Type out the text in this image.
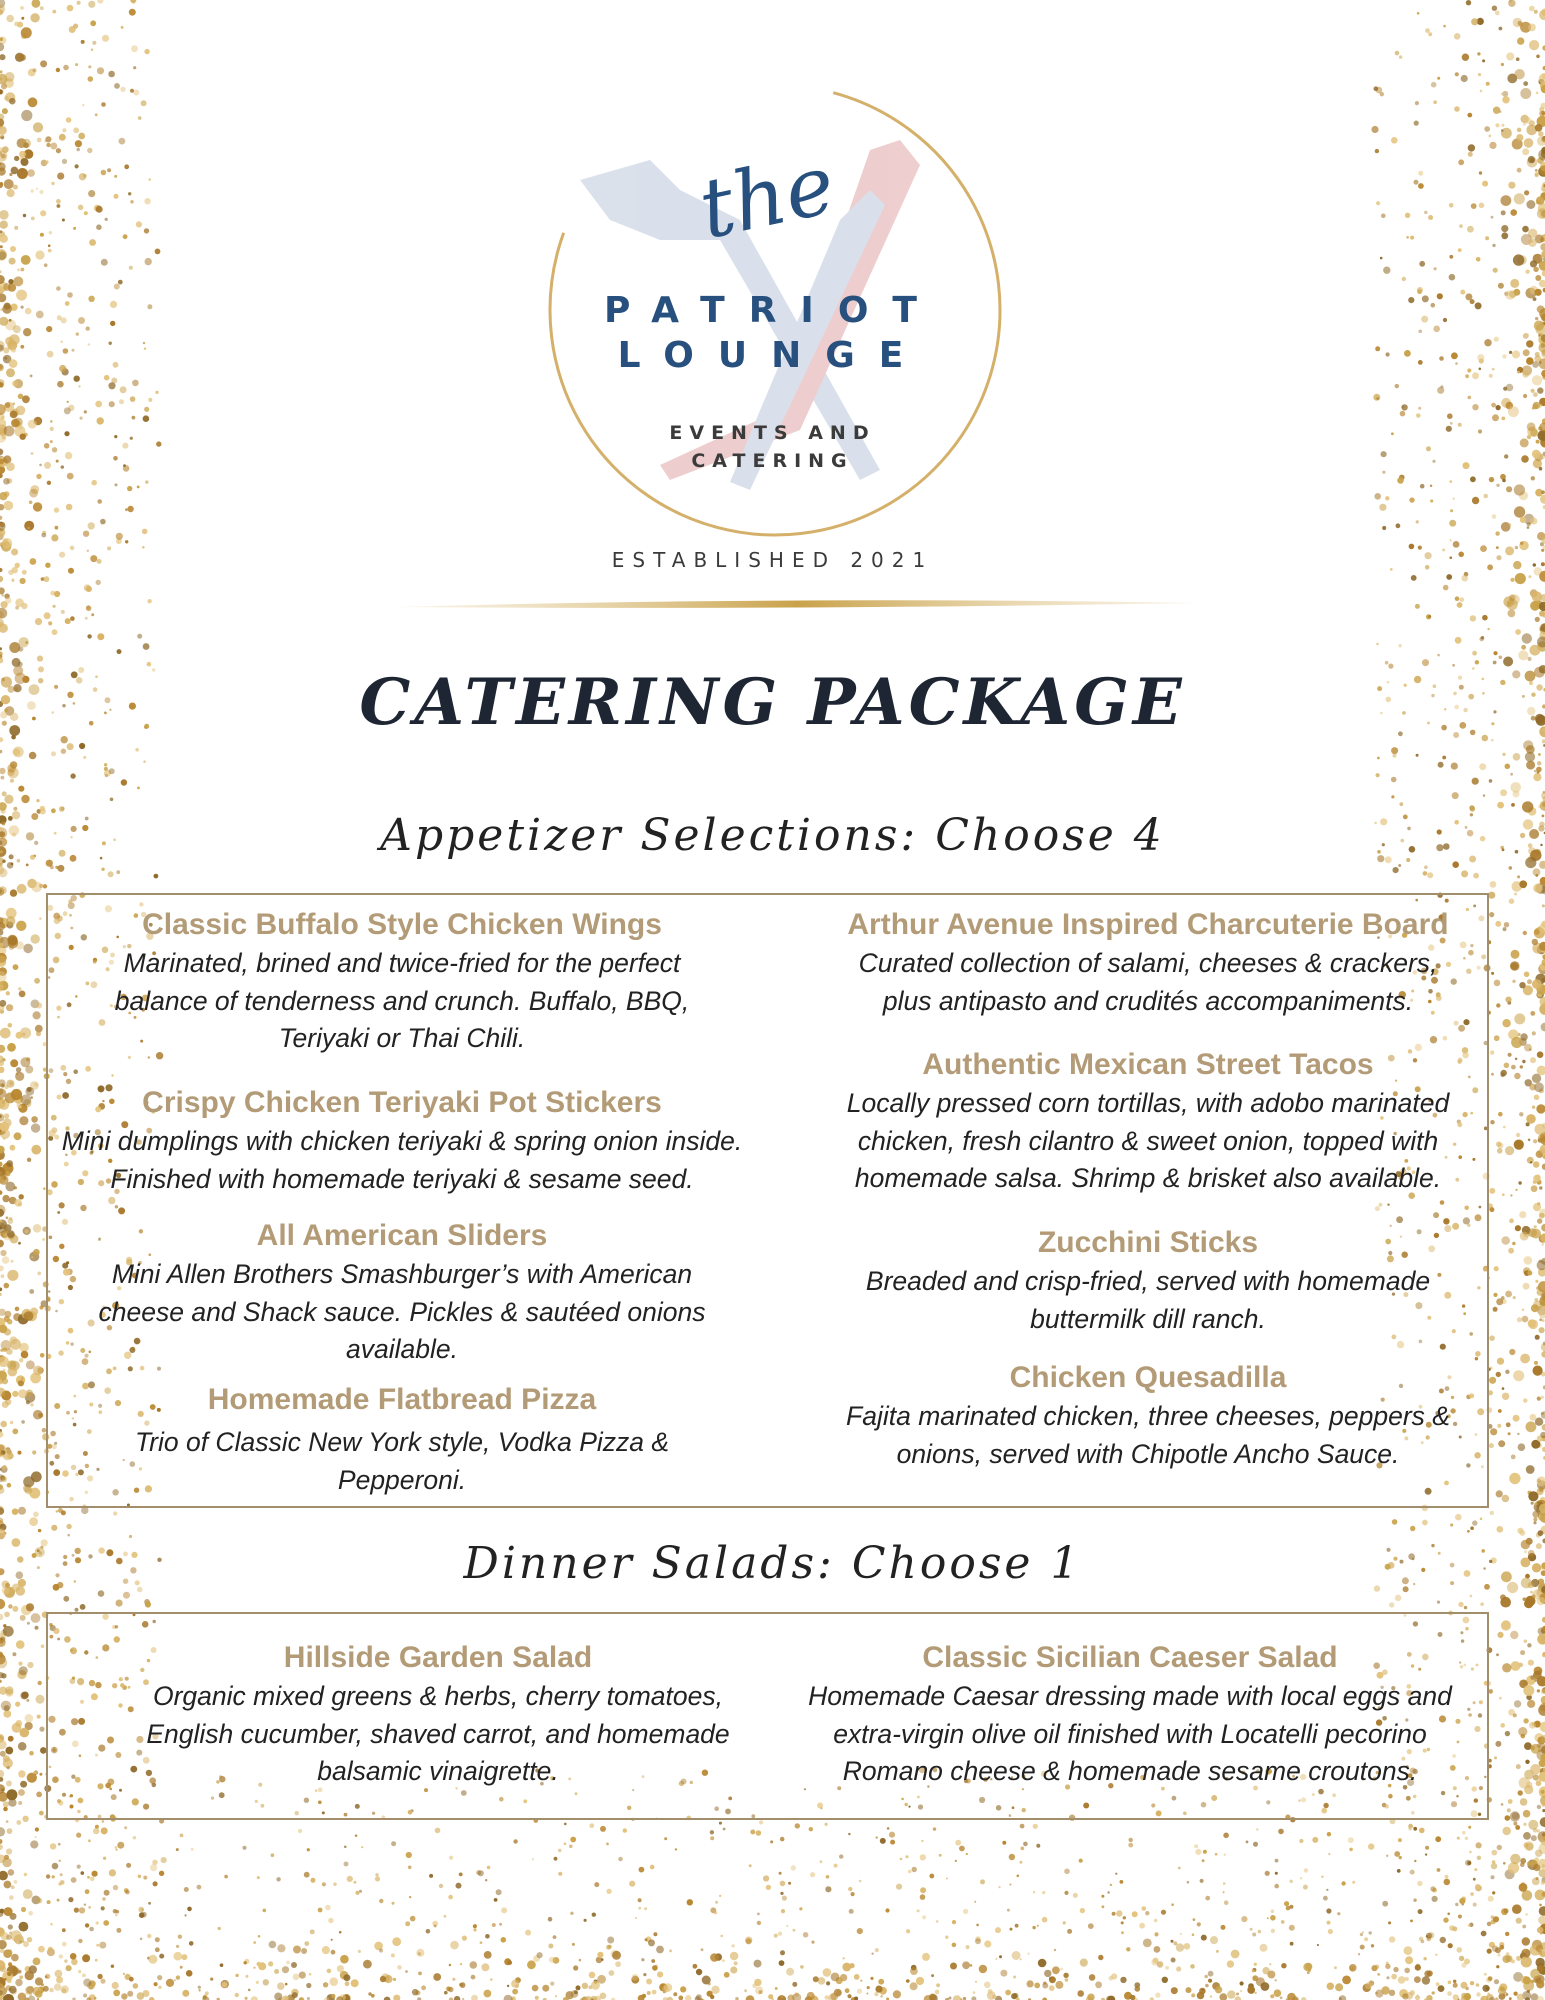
the
PATRIOT
LOUNGE
EVENTS AND
CATERING
ESTABLISHED 2021
CATERING PACKAGE
Appetizer Selections: Choose 4
Classic Buffalo Style Chicken Wings
Marinated, brined and twice-fried for the perfect balance of tenderness and crunch. Buffalo, BBQ, Teriyaki or Thai Chili.
Crispy Chicken Teriyaki Pot Stickers
Mini dumplings with chicken teriyaki & spring onion inside. Finished with homemade teriyaki & sesame seed.
All American Sliders
Mini Allen Brothers Smashburger’s with American cheese and Shack sauce. Pickles & sautéed onions available.
Homemade Flatbread Pizza
Trio of Classic New York style, Vodka Pizza & Pepperoni.
Arthur Avenue Inspired Charcuterie Board
Curated collection of salami, cheeses & crackers, plus antipasto and crudités accompaniments.
Authentic Mexican Street Tacos
Locally pressed corn tortillas, with adobo marinated chicken, fresh cilantro & sweet onion, topped with homemade salsa. Shrimp & brisket also available.
Zucchini Sticks
Breaded and crisp-fried, served with homemade buttermilk dill ranch.
Chicken Quesadilla
Fajita marinated chicken, three cheeses, peppers & onions, served with Chipotle Ancho Sauce.
Dinner Salads: Choose 1
Hillside Garden Salad
Organic mixed greens & herbs, cherry tomatoes, English cucumber, shaved carrot, and homemade balsamic vinaigrette.
Classic Sicilian Caeser Salad
Homemade Caesar dressing made with local eggs and extra-virgin olive oil finished with Locatelli pecorino Romano cheese & homemade sesame croutons.
